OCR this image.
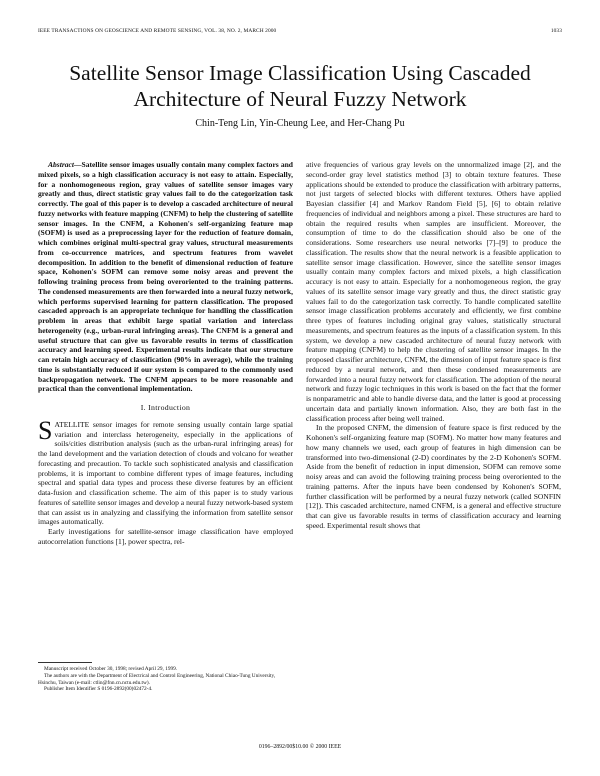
IEEE TRANSACTIONS ON GEOSCIENCE AND REMOTE SENSING, VOL. 38, NO. 2, MARCH 2000	1033
Satellite Sensor Image Classification Using Cascaded Architecture of Neural Fuzzy Network
Chin-Teng Lin, Yin-Cheung Lee, and Her-Chang Pu

Abstract—Satellite sensor images usually contain many complex factors and mixed pixels, so a high classification accuracy is not easy to attain. Especially, for a nonhomogeneous region, gray values of satellite sensor images vary greatly and thus, direct statistic gray values fail to do the categorization task correctly. The goal of this paper is to develop a cascaded architecture of neural fuzzy networks with feature mapping (CNFM) to help the clustering of satellite sensor images. In the CNFM, a Kohonen's self-organizing feature map (SOFM) is used as a preprocessing layer for the reduction of feature domain, which combines original multi-spectral gray values, structural measurements from co-occurrence matrices, and spectrum features from wavelet decomposition. In addition to the benefit of dimensional reduction of feature space, Kohonen's SOFM can remove some noisy areas and prevent the following training process from being overoriented to the training patterns. The condensed measurements are then forwarded into a neural fuzzy network, which performs supervised learning for pattern classification. The proposed cascaded approach is an appropriate technique for handling the classification problem in areas that exhibit large spatial variation and interclass heterogeneity (e.g., urban-rural infringing areas). The CNFM is a general and useful structure that can give us favorable results in terms of classification accuracy and learning speed. Experimental results indicate that our structure can retain high accuracy of classification (90% in average), while the training time is substantially reduced if our system is compared to the commonly used backpropagation network. The CNFM appears to be more reasonable and practical than the conventional implementation.

I. Introduction

SATELLITE sensor images for remote sensing usually contain large spatial variation and interclass heterogeneity, especially in the applications of soils/cities distribution analysis (such as the urban-rural infringing areas) for the land development and the variation detection of clouds and volcano for weather forecasting and precaution. To tackle such sophisticated analysis and classification problems, it is important to combine different types of image features, including spectral and spatial data types and process these diverse features by an efficient data-fusion and classification scheme. The aim of this paper is to study various features of satellite sensor images and develop a neural fuzzy network-based system that can assist us in analyzing and classifying the information from satellite sensor images automatically.

Early investigations for satellite-sensor image classification have employed autocorrelation functions [1], power spectra, rel-

ative frequencies of various gray levels on the unnormalized image [2], and the second-order gray level statistics method [3] to obtain texture features. These applications should be extended to produce the classification with arbitrary patterns, not just targets of selected blocks with different textures. Others have applied Bayesian classifier [4] and Markov Random Field [5], [6] to obtain relative frequencies of individual and neighbors among a pixel. These structures are hard to obtain the required results when samples are insufficient. Moreover, the consumption of time to do the classification should also be one of the considerations. Some researchers use neural networks [7]–[9] to produce the classification. The results show that the neural network is a feasible application to satellite sensor image classification. However, since the satellite sensor images usually contain many complex factors and mixed pixels, a high classification accuracy is not easy to attain. Especially for a nonhomogeneous region, the gray values of its satellite sensor image vary greatly and thus, the direct statistic gray values fail to do the categorization task correctly. To handle complicated satellite sensor image classification problems accurately and efficiently, we first combine three types of features including original gray values, statistically structural measurements, and spectrum features as the inputs of a classification system. In this system, we develop a new cascaded architecture of neural fuzzy network with feature mapping (CNFM) to help the clustering of satellite sensor images. In the proposed classifier architecture, CNFM, the dimension of input feature space is first reduced by a neural network, and then these condensed measurements are forwarded into a neural fuzzy network for classification. The adoption of the neural network and fuzzy logic techniques in this work is based on the fact that the former is nonparametric and able to handle diverse data, and the latter is good at processing uncertain data and partially known information. Also, they are both fast in the classification process after being well trained.

In the proposed CNFM, the dimension of feature space is first reduced by the Kohonen's self-organizing feature map (SOFM). No matter how many features and how many channels we used, each group of features in high dimension can be transformed into two-dimensional (2-D) coordinates by the 2-D Kohonen's SOFM. Aside from the benefit of reduction in input dimension, SOFM can remove some noisy areas and can avoid the following training process being overoriented to the training patterns. After the inputs have been condensed by Kohonen's SOFM, further classification will be performed by a neural fuzzy network (called SONFIN [12]). This cascaded architecture, named CNFM, is a general and effective structure that can give us favorable results in terms of classification accuracy and learning speed. Experimental result shows that

Manuscript received October 30, 1998; revised April 29, 1999.
The authors are with the Department of Electrical and Control Engineering, National Chiao-Tung University, Hsinchu, Taiwan (e-mail: ctlin@fnn.cn.nctu.edu.tw).
Publisher Item Identifier S 0196-2892(00)02472-4.
0196–2892/00$10.00 © 2000 IEEE
